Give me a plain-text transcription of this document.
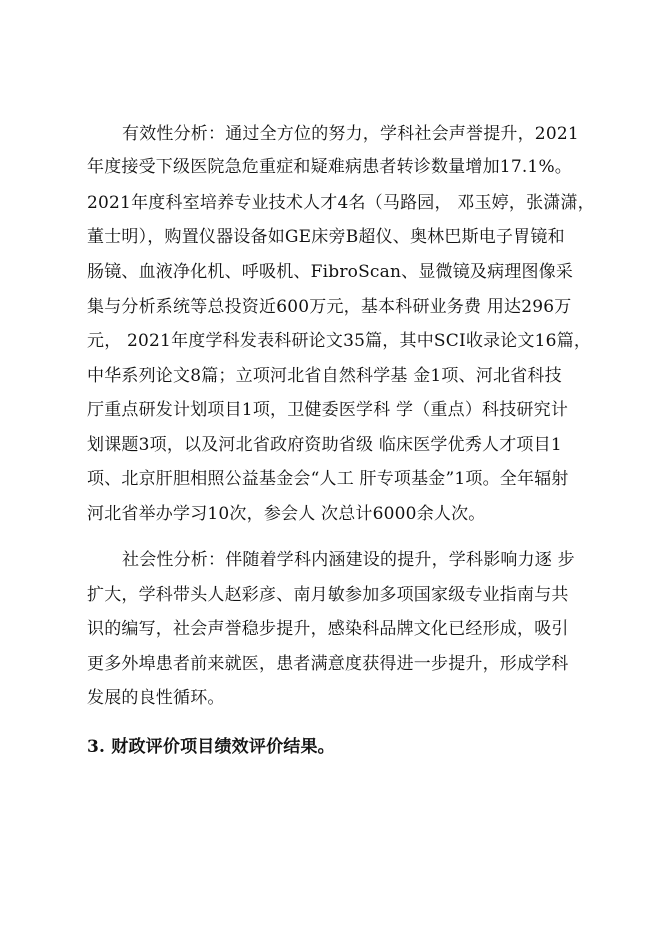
有效性分析：通过全方位的努力，学科社会声誉提升，2021
年度接受下级医院急危重症和疑难病患者转诊数量增加17.1%。
2021年度科室培养专业技术人才4名（马路园， 邓玉婷，张潇潇，
董士明），购置仪器设备如GE床旁B超仪、奥林巴斯电子胃镜和
肠镜、血液净化机、呼吸机、FibroScan、显微镜及病理图像采
集与分析系统等总投资近600万元，基本科研业务费 用达296万
元， 2021年度学科发表科研论文35篇，其中SCI收录论文16篇，
中华系列论文8篇；立项河北省自然科学基 金1项、河北省科技
厅重点研发计划项目1项，卫健委医学科 学（重点）科技研究计
划课题3项，以及河北省政府资助省级 临床医学优秀人才项目1
项、北京肝胆相照公益基金会“人工 肝专项基金”1项。全年辐射
河北省举办学习10次，参会人 次总计6000余人次。
社会性分析：伴随着学科内涵建设的提升，学科影响力逐 步
扩大，学科带头人赵彩彦、南月敏参加多项国家级专业指南与共
识的编写，社会声誉稳步提升，感染科品牌文化已经形成，吸引
更多外埠患者前来就医，患者满意度获得进一步提升，形成学科
发展的良性循环。
3. 财政评价项目绩效评价结果。
